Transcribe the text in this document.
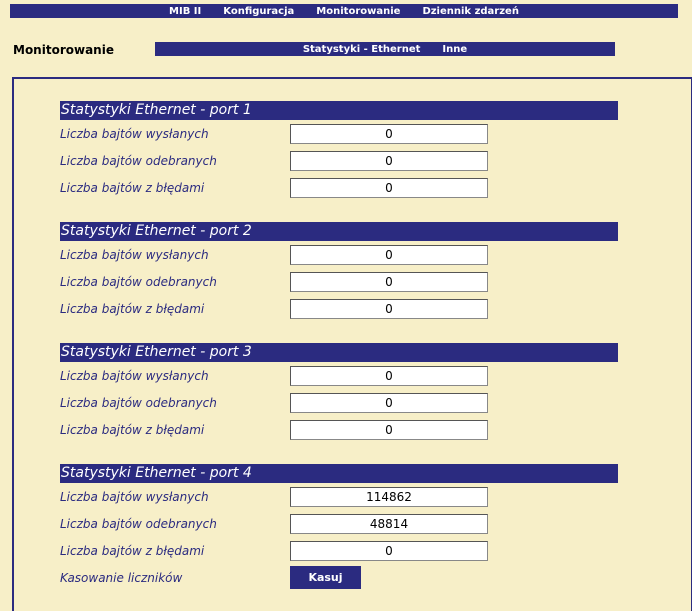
MIB II Konfiguracja Monitorowanie Dziennik zdarzeń
Monitorowanie	Statystyki - Ethernet Inne
Statystyki Ethernet - port 1
Liczba bajtów wysłanych	0
Liczba bajtów odebranych	0
Liczba bajtów z błędami	0
Statystyki Ethernet - port 2
Liczba bajtów wysłanych	0
Liczba bajtów odebranych	0
Liczba bajtów z błędami	0
Statystyki Ethernet - port 3
Liczba bajtów wysłanych	0
Liczba bajtów odebranych	0
Liczba bajtów z błędami	0
Statystyki Ethernet - port 4
Liczba bajtów wysłanych	114862
Liczba bajtów odebranych	48814
Liczba bajtów z błędami	0
Kasowanie liczników	Kasuj
